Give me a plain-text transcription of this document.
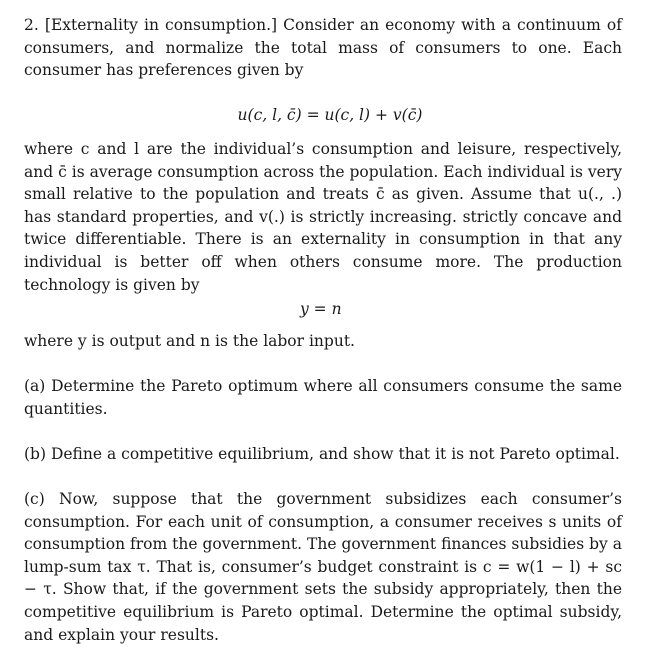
2. [Externality in consumption.] Consider an economy with a continuum of consumers, and normalize the total mass of consumers to one. Each consumer has preferences given by

u(c, l, c̄) = u(c, l) + v(c̄)

where c and l are the individual’s consumption and leisure, respectively, and c̄ is average consumption across the population. Each individual is very small relative to the population and treats c̄ as given. Assume that u(., .) has standard properties, and v(.) is strictly increasing. strictly concave and twice differentiable. There is an externality in consumption in that any individual is better off when others consume more. The production technology is given by

y = n

where y is output and n is the labor input.

(a) Determine the Pareto optimum where all consumers consume the same quantities.

(b) Define a competitive equilibrium, and show that it is not Pareto optimal.

(c) Now, suppose that the government subsidizes each consumer’s consumption. For each unit of consumption, a consumer receives s units of consumption from the government. The government finances subsidies by a lump-sum tax τ. That is, consumer’s budget constraint is c = w(1 − l) + sc − τ. Show that, if the government sets the subsidy appropriately, then the competitive equilibrium is Pareto optimal. Determine the optimal subsidy, and explain your results.
